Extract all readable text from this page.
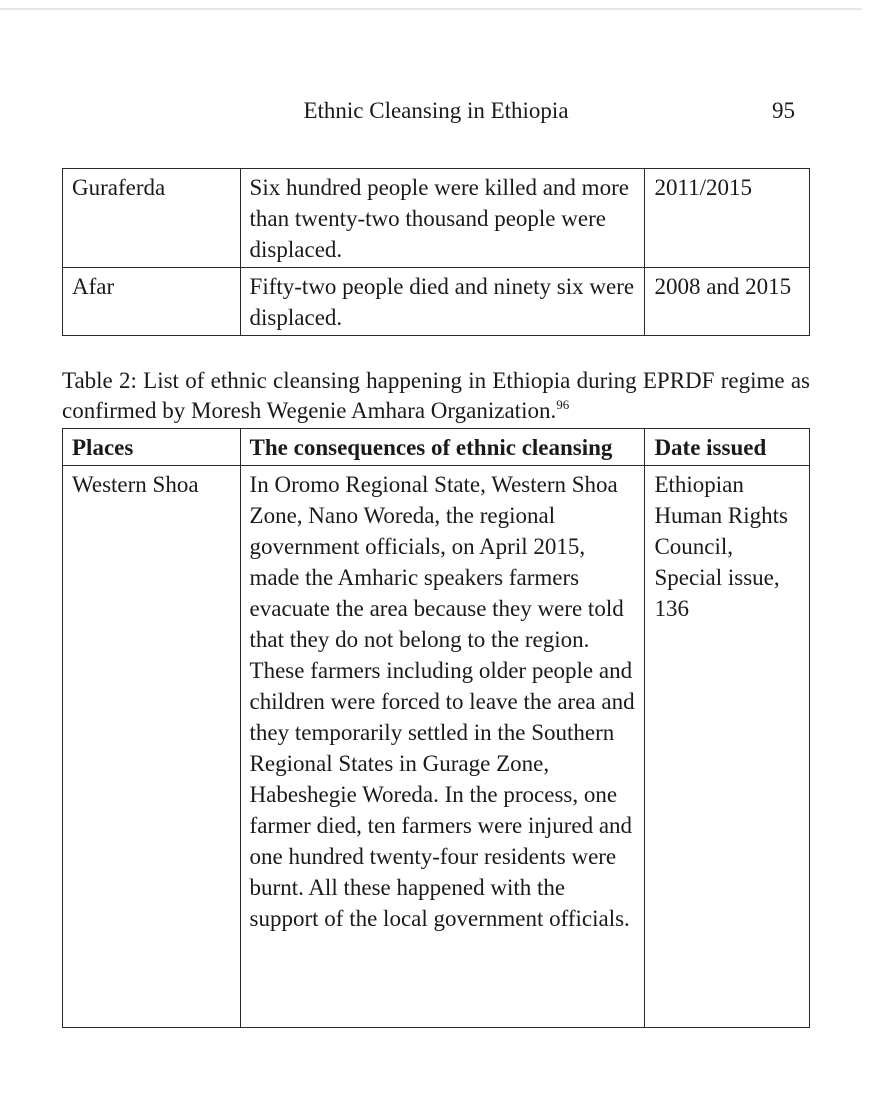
Ethnic Cleansing in Ethiopia	95
Guraferda	Six hundred people were killed and more than twenty-two thousand people were displaced.	2011/2015
Afar	Fifty-two people died and ninety six were displaced.	2008 and 2015
Table 2: List of ethnic cleansing happening in Ethiopia during EPRDF regime as confirmed by Moresh Wegenie Amhara Organization.$^{96}$
Places	The consequences of ethnic cleansing	Date issued
Western Shoa	In Oromo Regional State, Western Shoa Zone, Nano Woreda, the regional government officials, on April 2015, made the Amharic speakers farmers evacuate the area because they were told that they do not belong to the region. These farmers including older people and children were forced to leave the area and they temporarily settled in the Southern Regional States in Gurage Zone, Habeshegie Woreda. In the process, one farmer died, ten farmers were injured and one hundred twenty-four residents were burnt. All these happened with the support of the local government officials.	Ethiopian Human Rights Council, Special issue, 136
